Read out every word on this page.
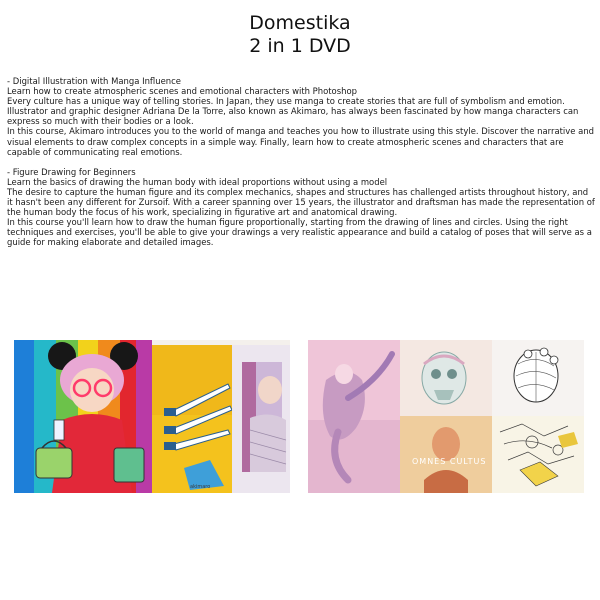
Domestika
2 in 1 DVD

- Digital Illustration with Manga Influence

Learn how to create atmospheric scenes and emotional characters with Photoshop

Every culture has a unique way of telling stories. In Japan, they use manga to create stories that are full of symbolism and emotion. Illustrator and graphic designer Adriana De la Torre, also known as Akimaro, has always been fascinated by how manga characters can express so much with their bodies or a look.

In this course, Akimaro introduces you to the world of manga and teaches you how to illustrate using this style. Discover the narrative and visual elements to draw complex concepts in a simple way. Finally, learn how to create atmospheric scenes and characters that are capable of communicating real emotions.

- Figure Drawing for Beginners

Learn the basics of drawing the human body with ideal proportions without using a model

The desire to capture the human figure and its complex mechanics, shapes and structures has challenged artists throughout history, and it hasn't been any different for Zursoif. With a career spanning over 15 years, the illustrator and draftsman has made the representation of the human body the focus of his work, specializing in figurative art and anatomical drawing.

In this course you'll learn how to draw the human figure proportionally, starting from the drawing of lines and circles. Using the right techniques and exercises, you'll be able to give your drawings a very realistic appearance and build a catalog of poses that will serve as a guide for making elaborate and detailed images.

akimaro
OMNES CULTUS
